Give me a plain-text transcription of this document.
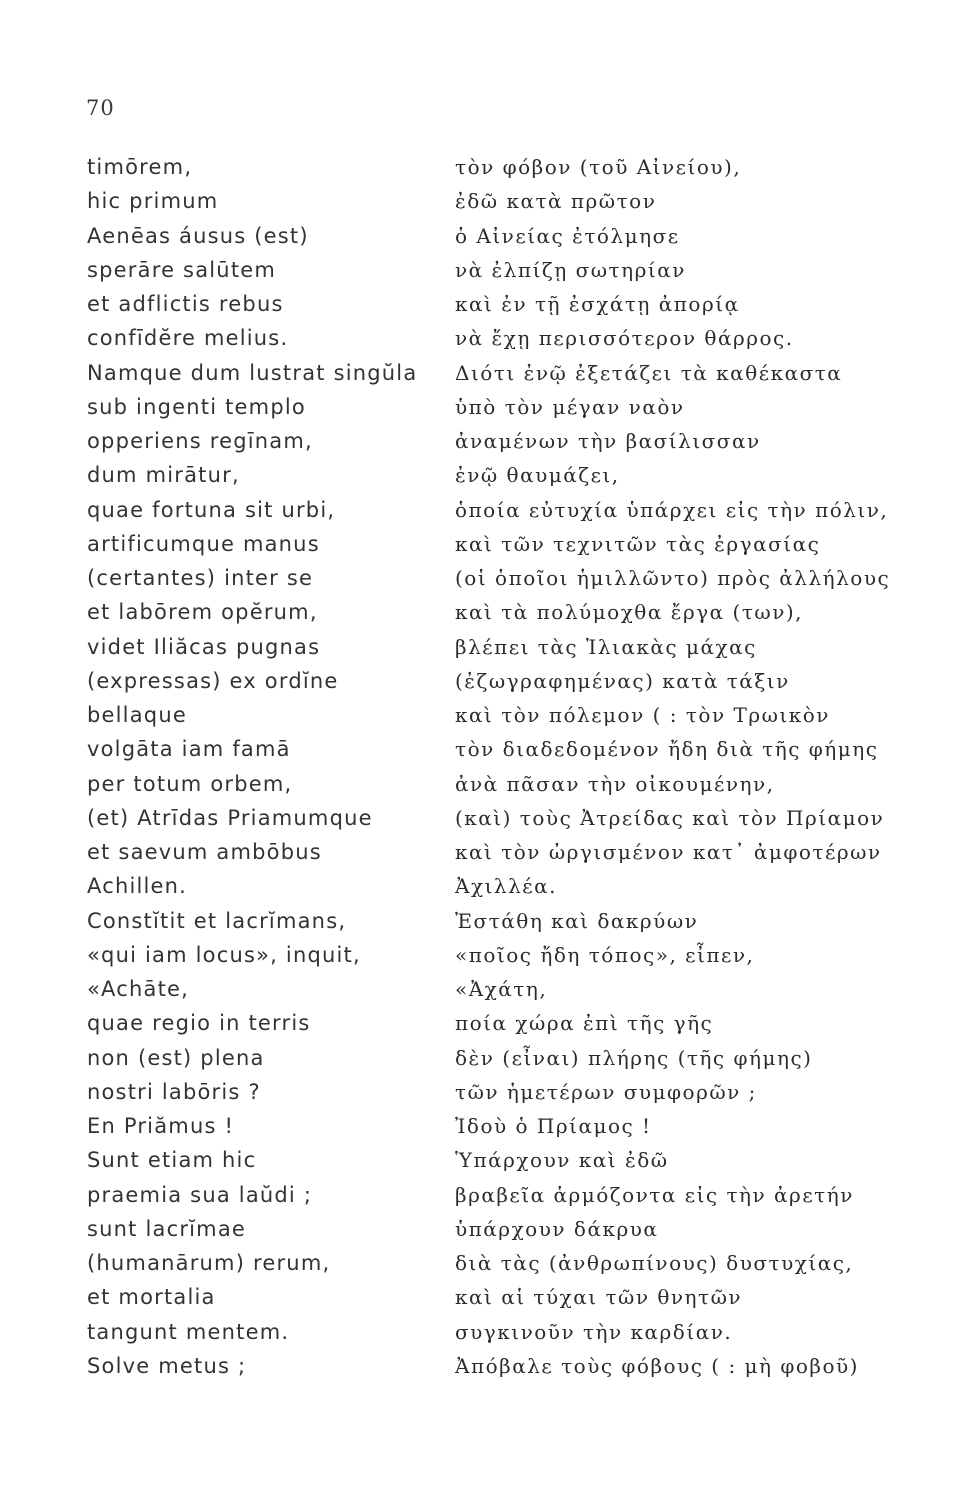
70
timōrem,
hic primum
Aenēas áusus (est)
sperāre salūtem
et adflictis rebus
confīdĕre melius.
Namque dum lustrat singŭla
sub ingenti templo
opperiens regīnam,
dum mirātur,
quae fortuna sit urbi,
artificumque manus
(certantes) inter se
et labōrem opĕrum,
videt Iliăcas pugnas
(expressas) ex ordĭne
bellaque
volgāta iam famā
per totum orbem,
(et) Atrīdas Priamumque
et saevum ambōbus
Achillen.
Constĭtit et lacrĭmans,
«qui iam locus», inquit,
«Achāte,
quae regio in terris
non (est) plena
nostri labōris ?
En Priămus !
Sunt etiam hic
praemia sua laŭdi ;
sunt lacrĭmae
(humanārum) rerum,
et mortalia
tangunt mentem.
Solve metus ;
τὸν φόβον (τοῦ Αἰνείου),
ἐδῶ κατὰ πρῶτον
ὁ Αἰνείας ἐτόλμησε
νὰ ἐλπίζῃ σωτηρίαν
καὶ ἐν τῇ ἐσχάτῃ ἀπορίᾳ
νὰ ἔχῃ περισσότερον θάρρος.
Διότι ἐνῷ ἐξετάζει τὰ καθέκαστα
ὑπὸ τὸν μέγαν ναὸν
ἀναμένων τὴν βασίλισσαν
ἐνῷ θαυμάζει,
ὁποία εὐτυχία ὑπάρχει εἰς τὴν πόλιν,
καὶ τῶν τεχνιτῶν τὰς ἐργασίας
(οἱ ὁποῖοι ἡμιλλῶντο) πρὸς ἀλλήλους
καὶ τὰ πολύμοχθα ἔργα (των),
βλέπει τὰς Ἰλιακὰς μάχας
(ἐζωγραφημένας) κατὰ τάξιν
καὶ τὸν πόλεμον ( : τὸν Τρωικὸν
τὸν διαδεδομένον ἤδη διὰ τῆς φήμης
ἀνὰ πᾶσαν τὴν οἰκουμένην,
(καὶ) τοὺς Ἀτρείδας καὶ τὸν Πρίαμον
καὶ τὸν ὠργισμένον κατ᾽ ἀμφοτέρων
Ἀχιλλέα.
Ἐστάθη καὶ δακρύων
«ποῖος ἤδη τόπος», εἶπεν,
«Ἀχάτη,
ποία χώρα ἐπὶ τῆς γῆς
δὲν (εἶναι) πλήρης (τῆς φήμης)
τῶν ἡμετέρων συμφορῶν ;
Ἰδοὺ ὁ Πρίαμος !
Ὑπάρχουν καὶ ἐδῶ
βραβεῖα ἁρμόζοντα εἰς τὴν ἀρετήν
ὑπάρχουν δάκρυα
διὰ τὰς (ἀνθρωπίνους) δυστυχίας,
καὶ αἱ τύχαι τῶν θνητῶν
συγκινοῦν τὴν καρδίαν.
Ἀπόβαλε τοὺς φόβους ( : μὴ φοβοῦ)
